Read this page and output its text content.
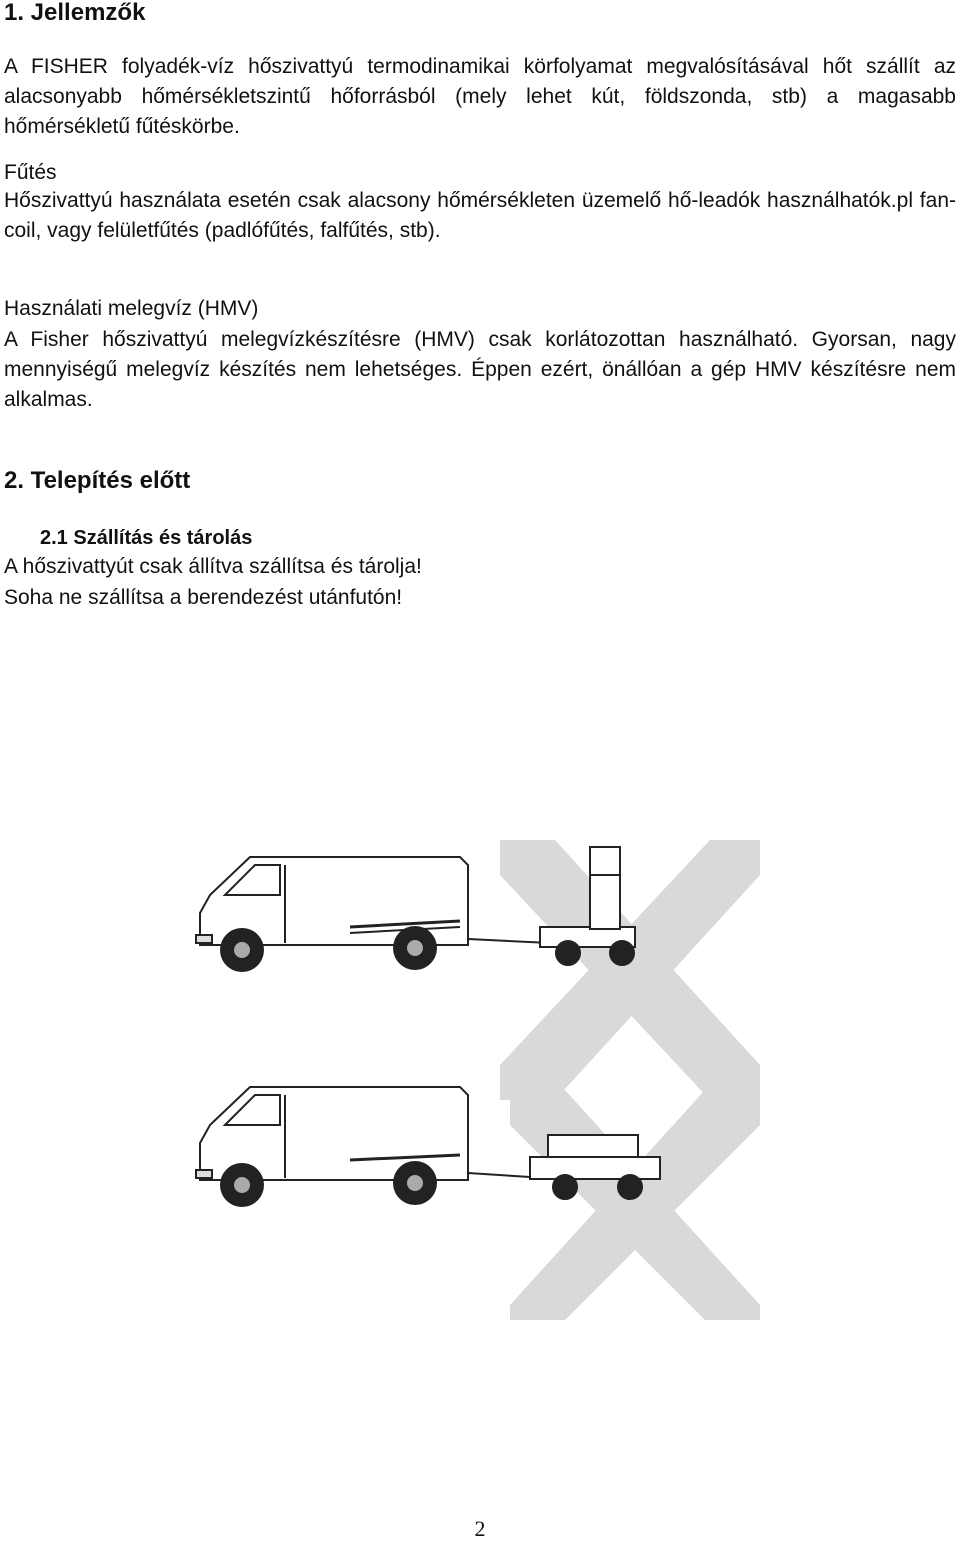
1. Jellemzők

A FISHER folyadék-víz hőszivattyú termodinamikai körfolyamat megvalósításával hőt szállít az alacsonyabb hőmérsékletszintű hőforrásból (mely lehet kút, földszonda, stb) a magasabb hőmérsékletű fűtéskörbe.

Fűtés

Hőszivattyú használata esetén csak alacsony hőmérsékleten üzemelő hő-leadók használhatók.pl fan-coil, vagy felületfűtés (padlófűtés, falfűtés, stb).

Használati melegvíz (HMV)

A Fisher hőszivattyú melegvízkészítésre (HMV) csak korlátozottan használható. Gyorsan, nagy mennyiségű melegvíz készítés nem lehetséges. Éppen ezért, önállóan a gép HMV készítésre nem alkalmas.

2. Telepítés előtt
2.1 Szállítás és tárolás

A hőszivattyút csak állítva szállítsa és tárolja!

Soha ne szállítsa a berendezést utánfutón!

2
